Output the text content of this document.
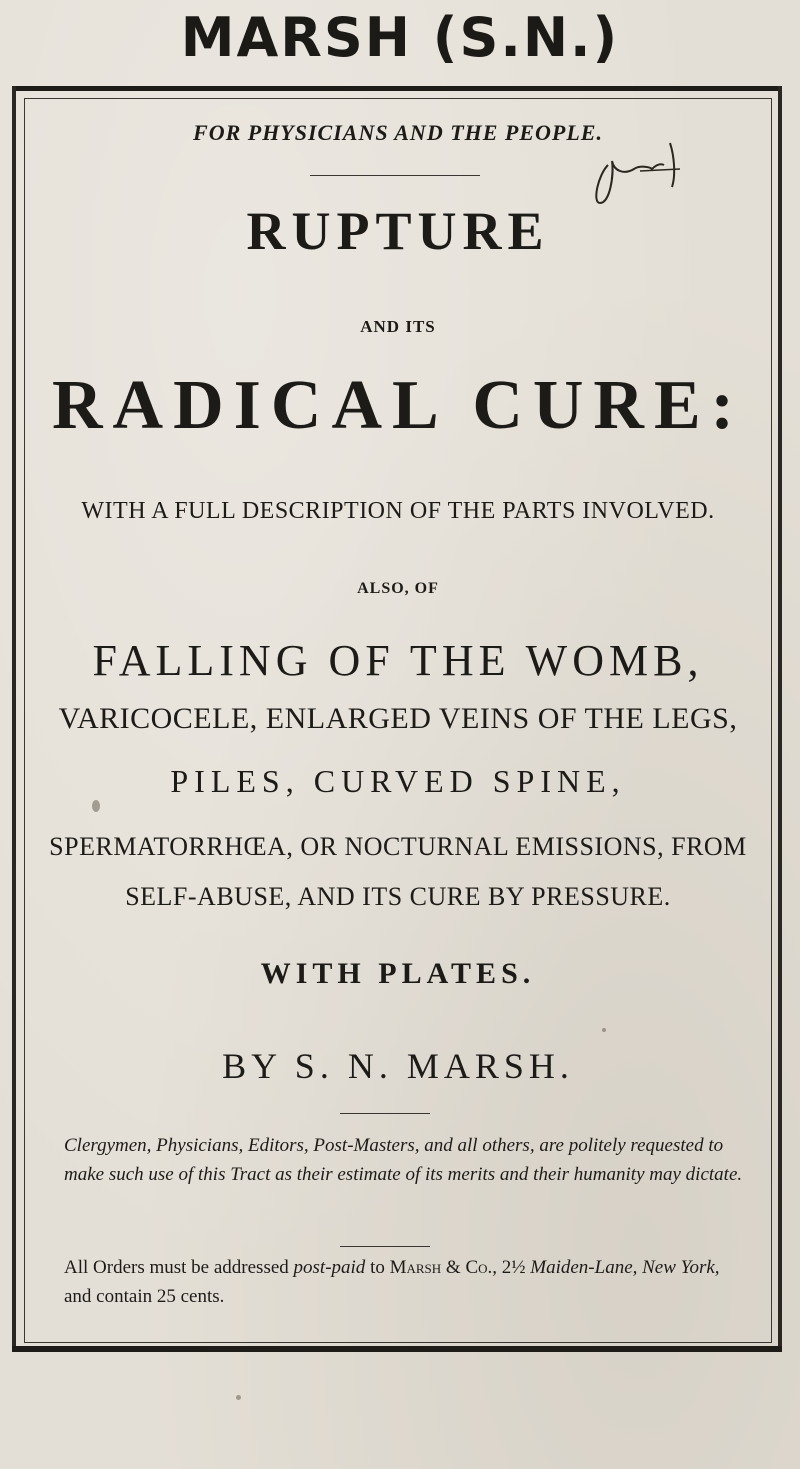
MARSH (S.N.)
FOR PHYSICIANS AND THE PEOPLE.
RUPTURE
AND ITS
RADICAL CURE:
WITH A FULL DESCRIPTION OF THE PARTS INVOLVED.
ALSO, OF
FALLING OF THE WOMB,
VARICOCELE, ENLARGED VEINS OF THE LEGS,
PILES, CURVED SPINE,
SPERMATORRHŒA, OR NOCTURNAL EMISSIONS, FROM
SELF-ABUSE, AND ITS CURE BY PRESSURE.
WITH PLATES.
BY S. N. MARSH.
Clergymen, Physicians, Editors, Post-Masters, and all others, are politely requested to make such use of this Tract as their estimate of its merits and their humanity may dictate.
All Orders must be addressed post-paid to Marsh & Co., 2½ Maiden-Lane, New York, and contain 25 cents.
